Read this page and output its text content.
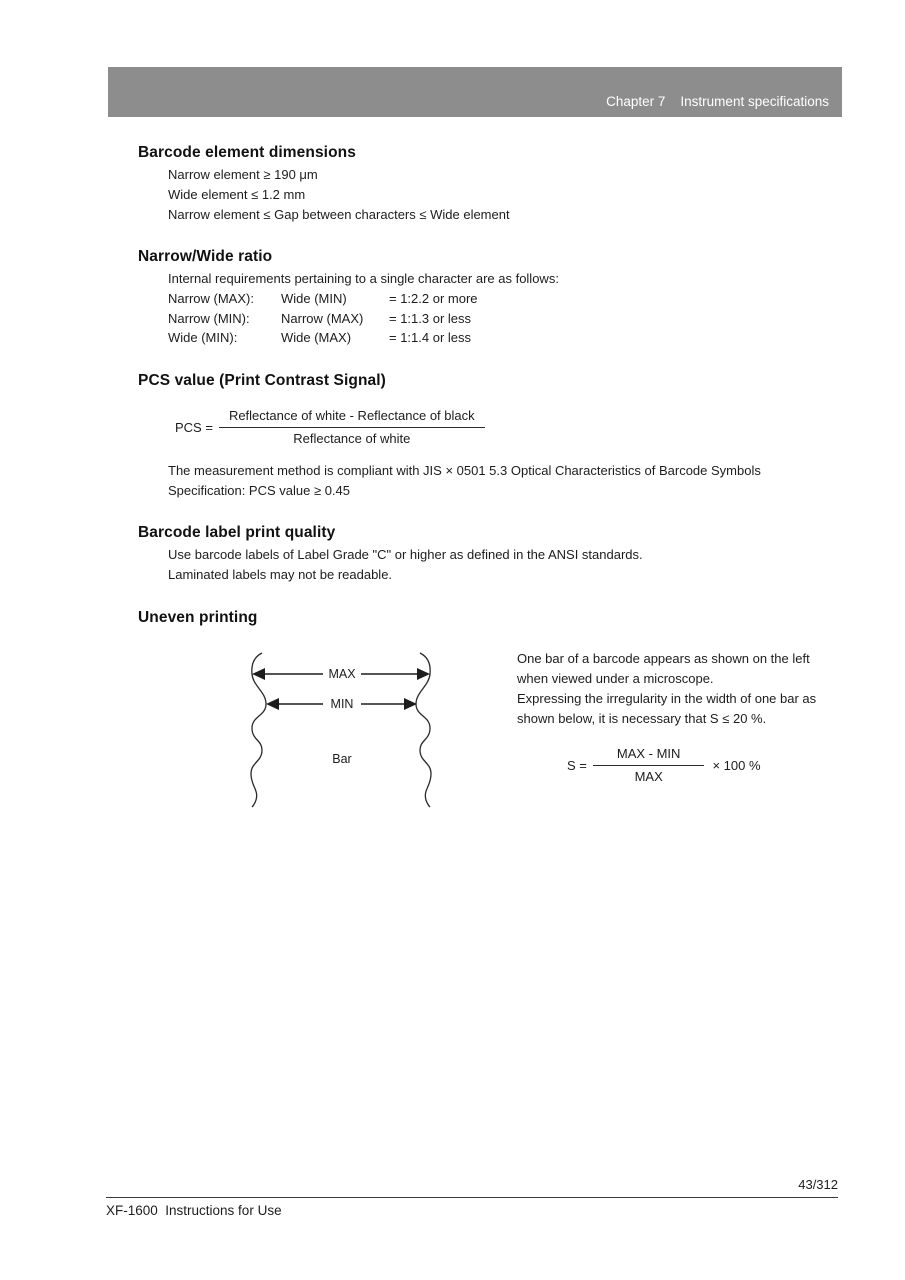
Chapter 7 Instrument specifications
Barcode element dimensions
Narrow element ≥ 190 μm
Wide element ≤ 1.2 mm
Narrow element ≤ Gap between characters ≤ Wide element
Narrow/Wide ratio
Internal requirements pertaining to a single character are as follows:
Narrow (MAX):	Wide (MIN)	= 1:2.2 or more
Narrow (MIN):	Narrow (MAX)	= 1:1.3 or less
Wide (MIN):	Wide (MAX)	= 1:1.4 or less
PCS value (Print Contrast Signal)
PCS = $\frac{\text{Reflectance of white - Reflectance of black}}{\text{Reflectance of white}}$
The measurement method is compliant with JIS × 0501 5.3 Optical Characteristics of Barcode Symbols
Specification: PCS value ≥ 0.45
Barcode label print quality
Use barcode labels of Label Grade "C" or higher as defined in the ANSI standards.
Laminated labels may not be readable.
Uneven printing
MAX
MIN
Bar
One bar of a barcode appears as shown on the left
when viewed under a microscope.
Expressing the irregularity in the width of one bar as
shown below, it is necessary that S ≤ 20 %.
$S = \frac{\text{MAX - MIN}}{\text{MAX}} \times 100$ %
43/312
XF-1600  Instructions for Use
